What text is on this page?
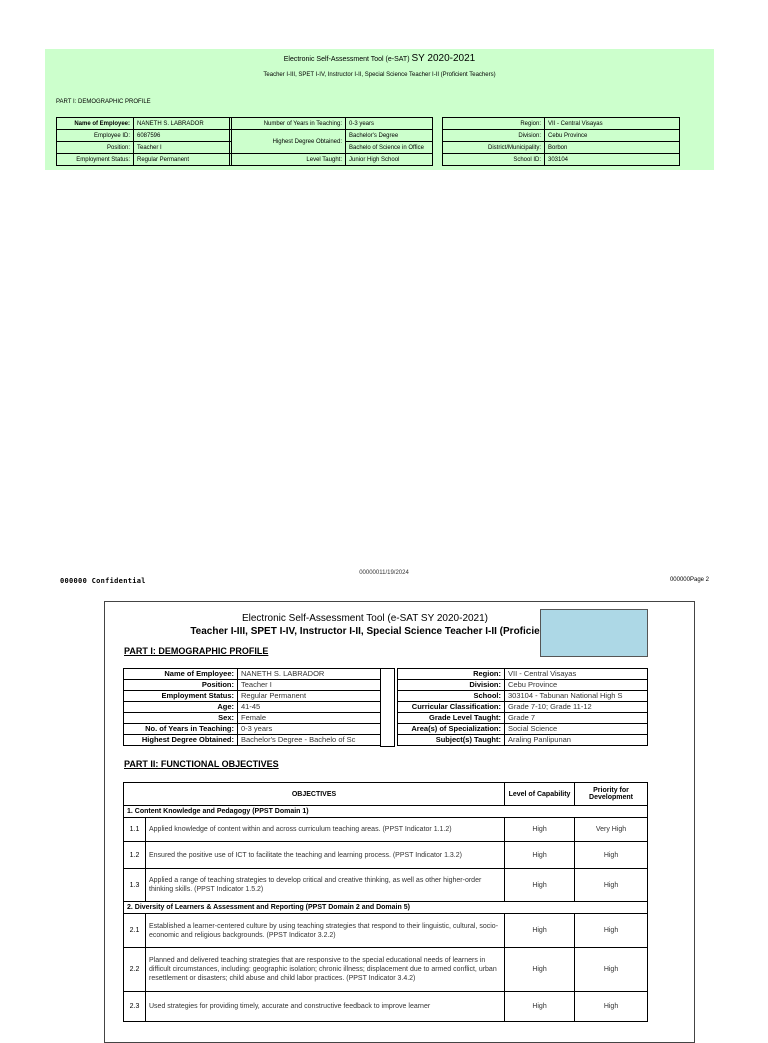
Electronic Self-Assessment Tool (e-SAT) SY 2020-2021
Teacher I-III, SPET I-IV, Instructor I-II, Special Science Teacher I-II (Proficient Teachers)
PART I: DEMOGRAPHIC PROFILE
Name of Employee:	NANETH S. LABRADOR
Employee ID:	6087596
Position:	Teacher I
Employment Status:	Regular Permanent
Number of Years in Teaching:	0-3 years
Highest Degree Obtained:	Bachelor's Degree
	Bachelo of Science in Office
Level Taught:	Junior High School
Region:	VII - Central Visayas
Division:	Cebu Province
District/Municipality:	Borbon
School ID:	303104
00000011/19/2024
000000 Confidential	000000Page 2
Electronic Self-Assessment Tool (e-SAT SY 2020-2021)
Teacher I-III, SPET I-IV, Instructor I-II, Special Science Teacher I-II (Proficie
PART I: DEMOGRAPHIC PROFILE
Name of Employee:	NANETH S. LABRADOR
Position:	Teacher I
Employment Status:	Regular Permanent
Age:	41-45
Sex:	Female
No. of Years in Teaching:	0-3 years
Highest Degree Obtained:	Bachelor's Degree - Bachelo of Sc
Region:	VII - Central Visayas
Division:	Cebu Province
School:	303104 - Tabunan National High S
Curricular Classification:	Grade 7-10; Grade 11-12
Grade Level Taught:	Grade 7
Area(s) of Specialization:	Social Science
Subject(s) Taught:	Araling Panlipunan
PART II: FUNCTIONAL OBJECTIVES
OBJECTIVES		Level of Capability	Priority for Development
1. Content Knowledge and Pedagogy (PPST Domain 1)			
1.1	Applied knowledge of content within and across curriculum teaching areas. (PPST Indicator 1.1.2)	High	Very High
1.2	Ensured the positive use of ICT to facilitate the teaching and learning process. (PPST Indicator 1.3.2)	High	High
1.3	Applied a range of teaching strategies to develop critical and creative thinking, as well as other higher-order thinking skills. (PPST Indicator 1.5.2)	High	High
2. Diversity of Learners & Assessment and Reporting (PPST Domain 2 and Domain 5)			
2.1	Established a learner-centered culture by using teaching strategies that respond to their linguistic, cultural, socio-economic and religious backgrounds. (PPST Indicator 3.2.2)	High	High
2.2	Planned and delivered teaching strategies that are responsive to the special educational needs of learners in difficult circumstances, including: geographic isolation; chronic illness; displacement due to armed conflict, urban resettlement or disasters; child abuse and child labor practices. (PPST Indicator 3.4.2)	High	High
2.3	Used strategies for providing timely, accurate and constructive feedback to improve learner	High	High
